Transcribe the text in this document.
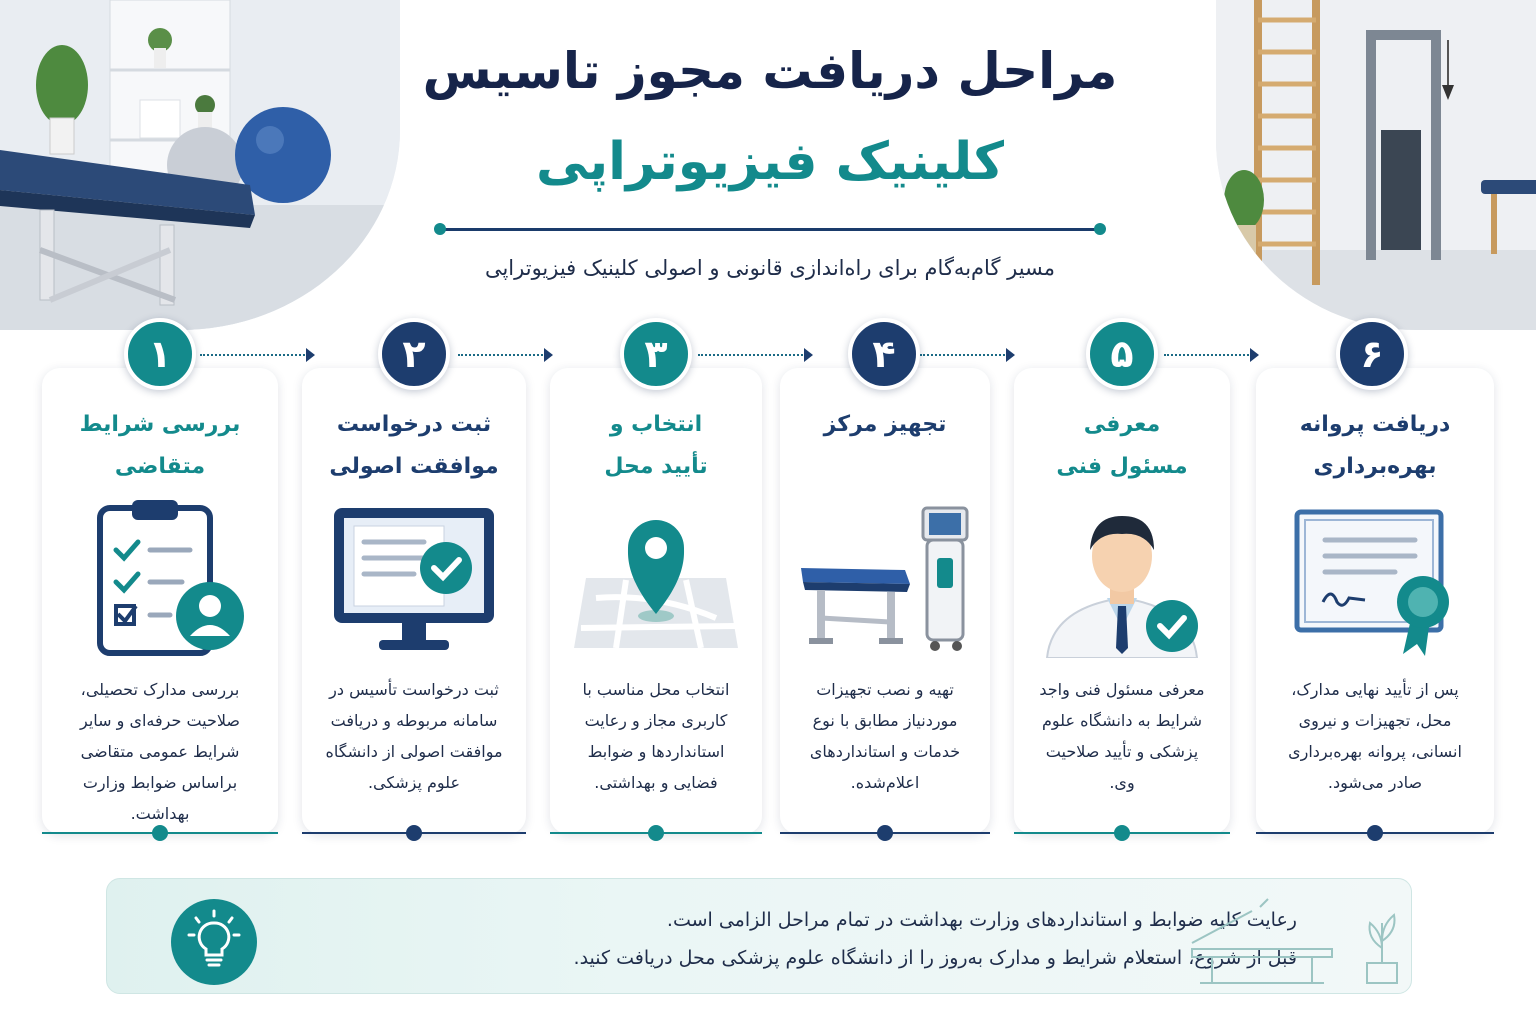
مراحل دریافت مجوز تاسیس
کلینیک فیزیوتراپی
مسیر گام‌به‌گام برای راه‌اندازی قانونی و اصولی کلینیک فیزیوتراپی
بررسی شرایط متقاضی
بررسی مدارک تحصیلی،
صلاحیت حرفه‌ای و سایر
شرایط عمومی متقاضی
براساس ضوابط وزارت بهداشت.
۱
ثبت درخواست
موافقت اصولی
ثبت درخواست تأسیس در
سامانه مربوطه و دریافت
موافقت اصولی از دانشگاه
علوم پزشکی.
۲
انتخاب و
تأیید محل
انتخاب محل مناسب با
کاربری مجاز و رعایت
استانداردها و ضوابط
فضایی و بهداشتی.
۳
تجهیز مرکز
تهیه و نصب تجهیزات
موردنیاز مطابق با نوع
خدمات و استانداردهای
اعلام‌شده.
۴
معرفی
مسئول فنی
معرفی مسئول فنی واجد
شرایط به دانشگاه علوم
پزشکی و تأیید صلاحیت
وی.
۵
دریافت پروانه
بهره‌برداری
پس از تأیید نهایی مدارک،
محل، تجهیزات و نیروی
انسانی، پروانه بهره‌برداری
صادر می‌شود.
۶
رعایت کلیه ضوابط و استانداردهای وزارت بهداشت در تمام مراحل الزامی است.
قبل از شروع، استعلام شرایط و مدارک به‌روز را از دانشگاه علوم پزشکی محل دریافت کنید.
